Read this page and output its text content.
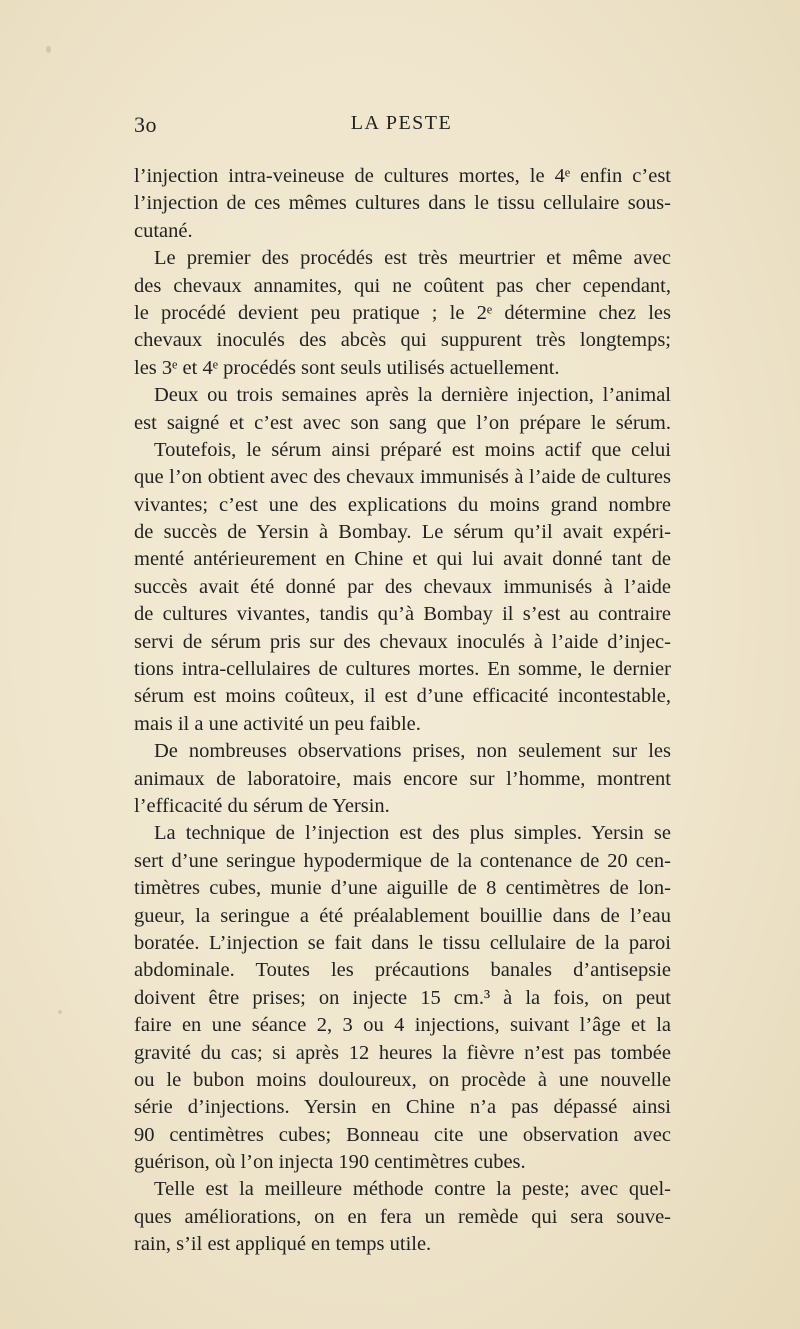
3o	LA PESTE
l’injection intra-veineuse de cultures mortes, le 4ᵉ enfin c’est
l’injection de ces mêmes cultures dans le tissu cellulaire sous-
cutané.
Le premier des procédés est très meurtrier et même avec
des chevaux annamites, qui ne coûtent pas cher cependant,
le procédé devient peu pratique ; le 2ᵉ détermine chez les
chevaux inoculés des abcès qui suppurent très longtemps;
les 3ᵉ et 4ᵉ procédés sont seuls utilisés actuellement.
Deux ou trois semaines après la dernière injection, l’animal
est saigné et c’est avec son sang que l’on prépare le sérum.
Toutefois, le sérum ainsi préparé est moins actif que celui
que l’on obtient avec des chevaux immunisés à l’aide de cultures
vivantes; c’est une des explications du moins grand nombre
de succès de Yersin à Bombay. Le sérum qu’il avait expéri-
menté antérieurement en Chine et qui lui avait donné tant de
succès avait été donné par des chevaux immunisés à l’aide
de cultures vivantes, tandis qu’à Bombay il s’est au contraire
servi de sérum pris sur des chevaux inoculés à l’aide d’injec-
tions intra-cellulaires de cultures mortes. En somme, le dernier
sérum est moins coûteux, il est d’une efficacité incontestable,
mais il a une activité un peu faible.
De nombreuses observations prises, non seulement sur les
animaux de laboratoire, mais encore sur l’homme, montrent
l’efficacité du sérum de Yersin.
La technique de l’injection est des plus simples. Yersin se
sert d’une seringue hypodermique de la contenance de 20 cen-
timètres cubes, munie d’une aiguille de 8 centimètres de lon-
gueur, la seringue a été préalablement bouillie dans de l’eau
boratée. L’injection se fait dans le tissu cellulaire de la paroi
abdominale. Toutes les précautions banales d’antisepsie
doivent être prises; on injecte 15 cm.³ à la fois, on peut
faire en une séance 2, 3 ou 4 injections, suivant l’âge et la
gravité du cas; si après 12 heures la fièvre n’est pas tombée
ou le bubon moins douloureux, on procède à une nouvelle
série d’injections. Yersin en Chine n’a pas dépassé ainsi
90 centimètres cubes; Bonneau cite une observation avec
guérison, où l’on injecta 190 centimètres cubes.
Telle est la meilleure méthode contre la peste; avec quel-
ques améliorations, on en fera un remède qui sera souve-
rain, s’il est appliqué en temps utile.
